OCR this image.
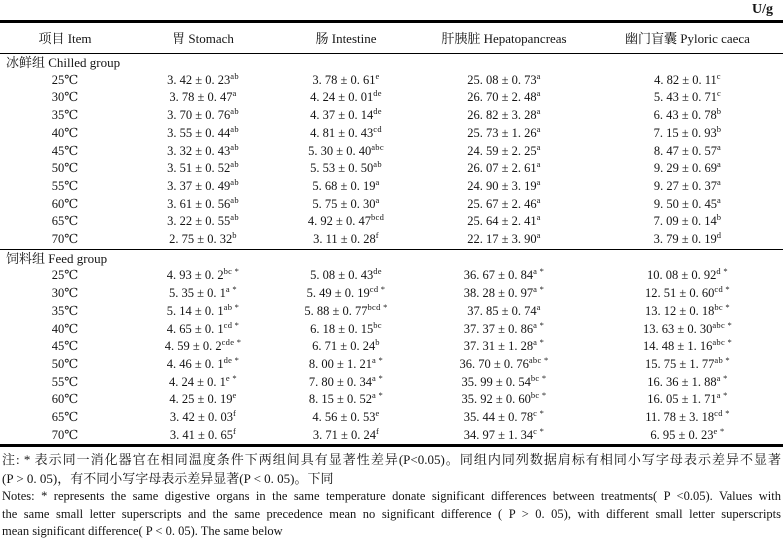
U/g
项目 Item	胃 Stomach	肠 Intestine	肝胰脏 Hepatopancreas	幽门盲囊 Pyloric caeca
冰鲜组 Chilled group				
25℃	3. 42 ± 0. $23^{ab}$	3. 78 ± 0. 61e	25. 08 ± 0. 73$^a$	4. 82 ± 0. 11$^c$
30℃	3. 78 ± 0. 47$^a$	4. 24 ± 0. 01de	26. 70 ± 2. 48$^a$	5. 43 ± 0. 71$^c$
35℃	3. 70 ± 0. $76^{ab}$	4. 37 ± 0. 14de	26. 82 ± 3. 28$^a$	6. 43 ± 0. 78$^b$
40℃	3. 55 ± 0. $44^{ab}$	4. 81 ± 0. $43^{cd}$	25. 73 ± 1. 26$^a$	7. 15 ± 0. 93$^b$
45℃	3. 32 ± 0. $43^{ab}$	5. 30 ± 0. $40^{abc}$	24. 59 ± 2. 25$^a$	8. 47 ± 0. 57$^a$
50℃	3. 51 ± 0. $52^{ab}$	5. 53 ± 0. $50^{ab}$	26. 07 ± 2. 61$^a$	9. 29 ± 0. 69$^a$
55℃	3. 37 ± 0. $49^{ab}$	5. 68 ± 0. 19$^a$	24. 90 ± 3. 19$^a$	9. 27 ± 0. 37$^a$
60℃	3. 61 ± 0. $56^{ab}$	5. 75 ± 0. 30$^a$	25. 67 ± 2. 46$^a$	9. 50 ± 0. 45$^a$
65℃	3. 22 ± 0. $55^{ab}$	4. 92 ± 0. $47^{bcd}$	25. 64 ± 2. 41$^a$	7. 09 ± 0. 14$^b$
70℃	2. 75 ± 0. 32$^b$	3. 11 ± 0. 28$^f$	22. 17 ± 3. 90$^a$	3. 79 ± 0. 19$^d$
饲料组 Feed group				
25℃	4. 93 ± 0. $2^{bc *}$	5. 08 ± 0. 43de	36. 67 ± 0. $84^{a *}$	10. 08 ± 0. $92^{d *}$
30℃	5. 35 ± 0. $1^{a *}$	5. 49 ± 0. $19^{cd *}$	38. 28 ± 0. $97^{a *}$	12. 51 ± 0. $60^{cd *}$
35℃	5. 14 ± 0. $1^{ab *}$	5. 88 ± 0. $77^{bcd *}$	37. 85 ± 0. 74$^a$	13. 12 ± 0. $18^{bc *}$
40℃	4. 65 ± 0. $1^{cd *}$	6. 18 ± 0. $15^{bc}$	37. 37 ± 0. $86^{a *}$	13. 63 ± 0. $30^{abc *}$
45℃	4. 59 ± 0. $2^{cde *}$	6. 71 ± 0. 24$^b$	37. 31 ± 1. $28^{a *}$	14. 48 ± 1. $16^{abc *}$
50℃	4. 46 ± 0. $1^{de *}$	8. 00 ± 1. $21^{a *}$	36. 70 ± 0. $76^{abc *}$	15. 75 ± 1. $77^{ab *}$
55℃	4. 24 ± 0. $1^{e *}$	7. 80 ± 0. $34^{a *}$	35. 99 ± 0. $54^{bc *}$	16. 36 ± 1. $88^{a *}$
60℃	4. 25 ± 0. 19e	8. 15 ± 0. $52^{a *}$	35. 92 ± 0. $60^{bc *}$	16. 05 ± 1. $71^{a *}$
65℃	3. 42 ± 0. 03$^f$	4. 56 ± 0. 53e	35. 44 ± 0. $78^{c *}$	11. 78 ± 3. $18^{cd *}$
70℃	3. 41 ± 0. 65$^f$	3. 71 ± 0. 24$^f$	34. 97 ± 1. $34^{c *}$	6. 95 ± 0. $23^{e *}$
注: * 表示同一消化器官在相同温度条件下两组间具有显著性差异(P<0.05)。同组内同列数据肩标有相同小写字母表示差异不显著
(P > 0. 05)，有不同小写字母表示差异显著(P < 0. 05)。下同
Notes: * represents the same digestive organs in the same temperature donate significant differences between treatments( P <0.05). Values with
the same small letter superscripts and the same precedence mean no significant difference ( P > 0. 05), with different small letter superscripts
mean significant difference( P < 0. 05). The same below
